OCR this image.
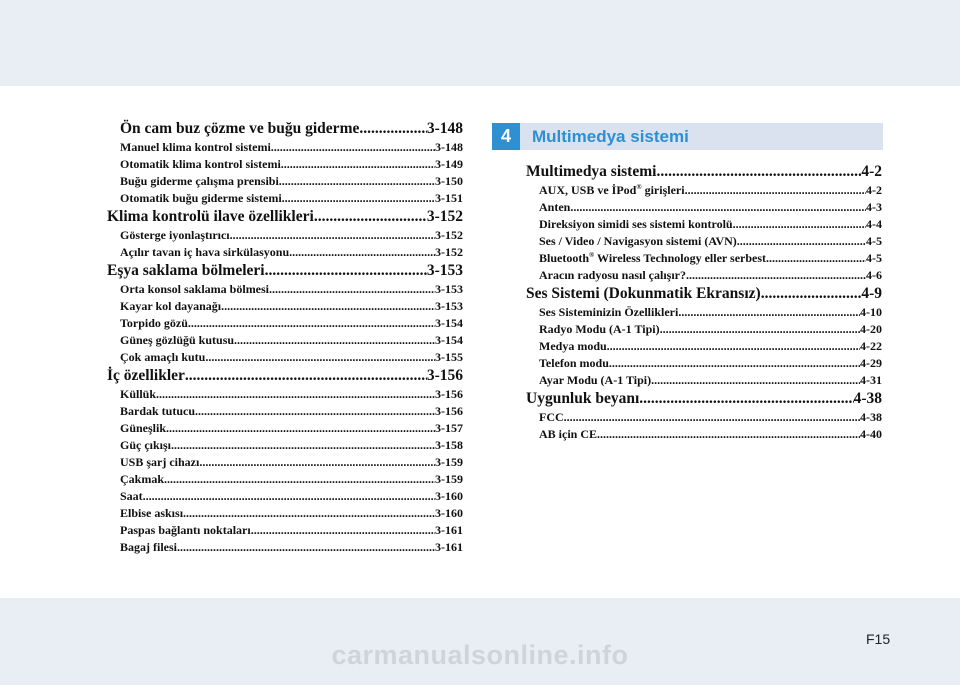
Ön cam buz çözme ve buğu giderme .....	3-148
Manuel klima kontrol sistemi .....	3-148
Otomatik klima kontrol sistemi .....	3-149
Buğu giderme çalışma prensibi .....	3-150
Otomatik buğu giderme sistemi .....	3-151
Klima kontrolü ilave özellikleri .....	3-152
Gösterge iyonlaştırıcı .....	3-152
Açılır tavan iç hava sirkülasyonu .....	3-152
Eşya saklama bölmeleri .....	3-153
Orta konsol saklama bölmesi .....	3-153
Kayar kol dayanağı .....	3-153
Torpido gözü .....	3-154
Güneş gözlüğü kutusu .....	3-154
Çok amaçlı kutu .....	3-155
İç özellikler .....	3-156
Küllük .....	3-156
Bardak tutucu .....	3-156
Güneşlik .....	3-157
Güç çıkışı .....	3-158
USB şarj cihazı .....	3-159
Çakmak .....	3-159
Saat .....	3-160
Elbise askısı .....	3-160
Paspas bağlantı noktaları .....	3-161
Bagaj filesi .....	3-161
4	Multimedya sistemi
Multimedya sistemi .....	4-2
AUX, USB ve İPod® girişleri .....	4-2
Anten .....	4-3
Direksiyon simidi ses sistemi kontrolü .....	4-4
Ses / Video / Navigasyon sistemi (AVN) .....	4-5
Bluetooth® Wireless Technology eller serbest .....	4-5
Aracın radyosu nasıl çalışır? .....	4-6
Ses Sistemi (Dokunmatik Ekransız) .....	4-9
Ses Sisteminizin Özellikleri .....	4-10
Radyo Modu (A-1 Tipi) .....	4-20
Medya modu .....	4-22
Telefon modu .....	4-29
Ayar Modu (A-1 Tipi) .....	4-31
Uygunluk beyanı .....	4-38
FCC .....	4-38
AB için CE .....	4-40
F15
carmanualsonline.info
